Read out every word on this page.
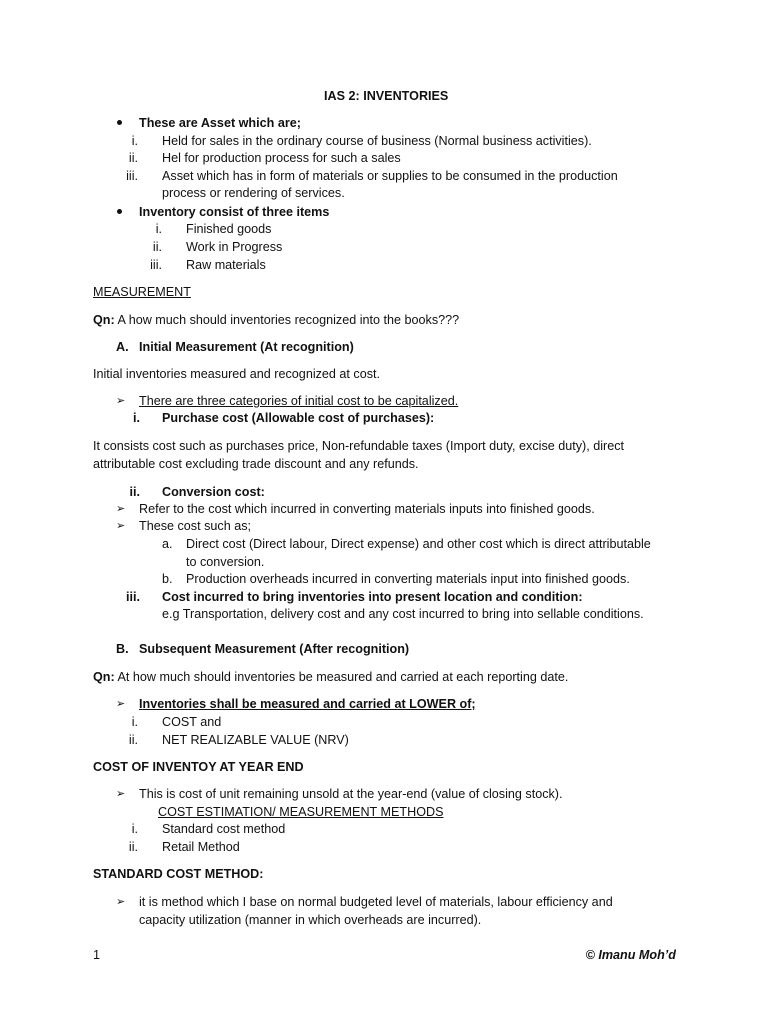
IAS 2: INVENTORIES
These are Asset which are;
i. Held for sales in the ordinary course of business (Normal business activities).
ii. Hel for production process for such a sales
iii. Asset which has in form of materials or supplies to be consumed in the production
process or rendering of services.
Inventory consist of three items
i. Finished goods
ii. Work in Progress
iii. Raw materials
MEASUREMENT
Qn: A how much should inventories recognized into the books???
A. Initial Measurement (At recognition)
Initial inventories measured and recognized at cost.
➢ There are three categories of initial cost to be capitalized.
i. Purchase cost (Allowable cost of purchases):
It consists cost such as purchases price, Non-refundable taxes (Import duty, excise duty), direct
attributable cost excluding trade discount and any refunds.
ii. Conversion cost:
➢ Refer to the cost which incurred in converting materials inputs into finished goods.
➢ These cost such as;
a. Direct cost (Direct labour, Direct expense) and other cost which is direct attributable
to conversion.
b. Production overheads incurred in converting materials input into finished goods.
iii. Cost incurred to bring inventories into present location and condition:
e.g Transportation, delivery cost and any cost incurred to bring into sellable conditions.
B. Subsequent Measurement (After recognition)
Qn: At how much should inventories be measured and carried at each reporting date.
➢ Inventories shall be measured and carried at LOWER of;
i. COST and
ii. NET REALIZABLE VALUE (NRV)
COST OF INVENTOY AT YEAR END
➢ This is cost of unit remaining unsold at the year-end (value of closing stock).
COST ESTIMATION/ MEASUREMENT METHODS
i. Standard cost method
ii. Retail Method
STANDARD COST METHOD:
➢ it is method which I base on normal budgeted level of materials, labour efficiency and
capacity utilization (manner in which overheads are incurred).
1	© Imanu Moh’d
